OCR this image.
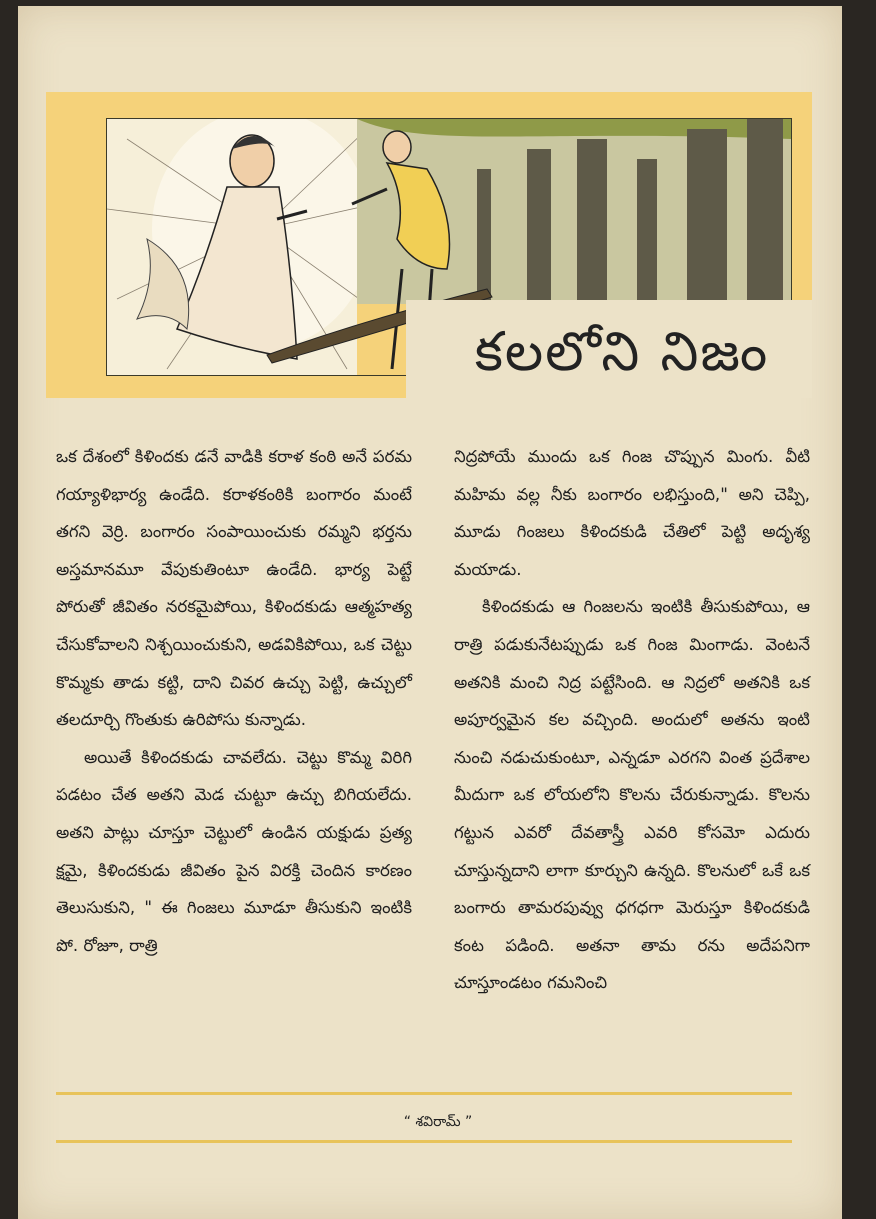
కలలోని నిజం

ఒక దేశంలో కిళిందకు డనే వాడికి కరాళ కంఠి అనే పరమ గయ్యాళిభార్య ఉండేది. కరాళకంఠికి బంగారం మంటే తగని వెర్రి. బంగారం సంపాయించుకు రమ్మని భర్తను అస్తమానమూ వేపుకుతింటూ ఉండేది. భార్య పెట్టే పోరుతో జీవితం నరకమైపోయి, కిళిందకుడు ఆత్మహత్య చేసుకోవాలని నిశ్చయించుకుని, అడవికిపోయి, ఒక చెట్టు కొమ్మకు తాడు కట్టి, దాని చివర ఉచ్చు పెట్టి, ఉచ్చులో తలదూర్చి గొంతుకు ఉరిపోసు కున్నాడు.

అయితే కిళిందకుడు చావలేదు. చెట్టు కొమ్మ విరిగి పడటం చేత అతని మెడ చుట్టూ ఉచ్చు బిగియలేదు. అతని పాట్లు చూస్తూ చెట్టులో ఉండిన యక్షుడు ప్రత్య క్షమై, కిళిందకుడు జీవితం పైన విరక్తి చెందిన కారణం తెలుసుకుని, " ఈ గింజలు మూడూ తీసుకుని ఇంటికి పో. రోజూ, రాత్రి

నిద్రపోయే ముందు ఒక గింజ చొప్పున మింగు. వీటి మహిమ వల్ల నీకు బంగారం లభిస్తుంది," అని చెప్పి, మూడు గింజలు కిళిందకుడి చేతిలో పెట్టి అదృశ్య మయాడు.

కిళిందకుడు ఆ గింజలను ఇంటికి తీసుకుపోయి, ఆ రాత్రి పడుకునేటప్పుడు ఒక గింజ మింగాడు. వెంటనే అతనికి మంచి నిద్ర పట్టేసింది. ఆ నిద్రలో అతనికి ఒక అపూర్వమైన కల వచ్చింది. అందులో అతను ఇంటి నుంచి నడుచుకుంటూ, ఎన్నడూ ఎరగని వింత ప్రదేశాల మీదుగా ఒక లోయలోని కొలను చేరుకున్నాడు. కొలను గట్టున ఎవరో దేవతాస్త్రీ ఎవరి కోసమో ఎదురు చూస్తున్నదాని లాగా కూర్చుని ఉన్నది. కొలనులో ఒకే ఒక బంగారు తామరపువ్వు ధగధగా మెరుస్తూ కిళిందకుడి కంట పడింది. అతనా తామ రను అదేపనిగా చూస్తూండటం గమనించి

“ శవిరామ్ ”
